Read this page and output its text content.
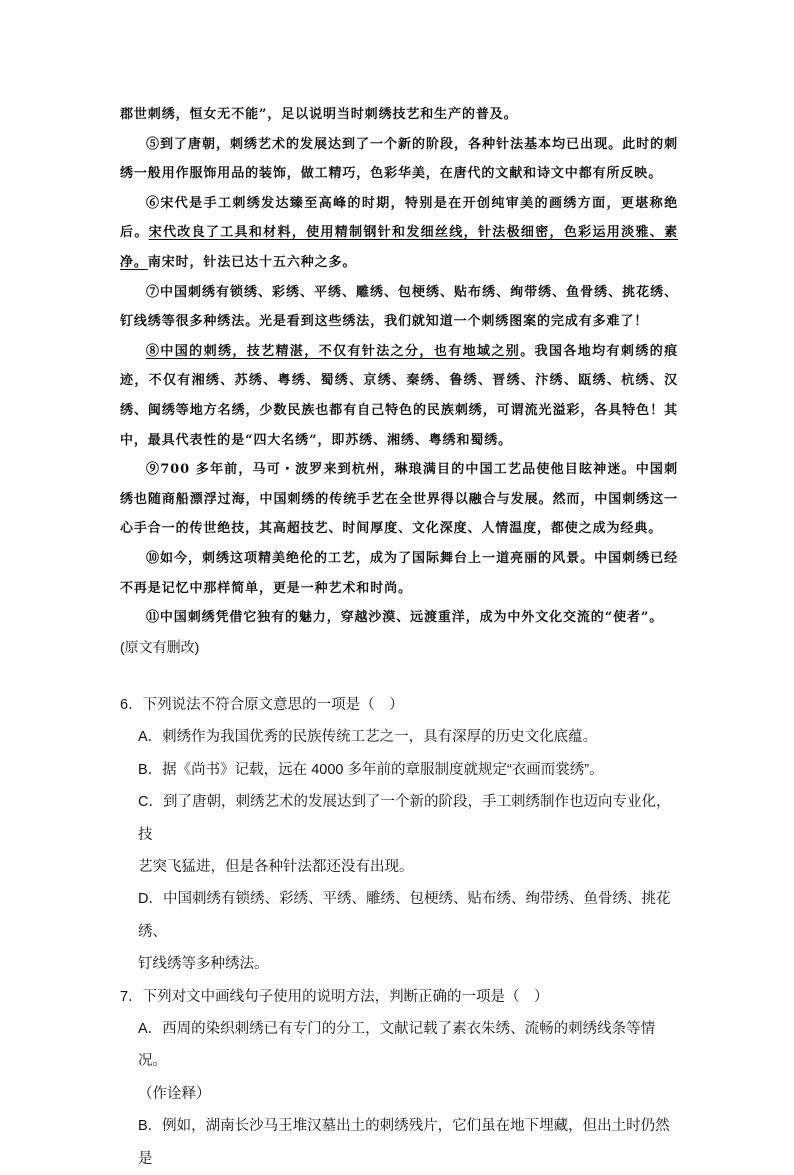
郡世刺绣，恒女无不能”，足以说明当时刺绣技艺和生产的普及。

⑤到了唐朝，刺绣艺术的发展达到了一个新的阶段，各种针法基本均已出现。此时的刺绣一般用作服饰用品的装饰，做工精巧，色彩华美，在唐代的文献和诗文中都有所反映。

⑥宋代是手工刺绣发达臻至高峰的时期，特别是在开创纯审美的画绣方面，更堪称绝后。宋代改良了工具和材料，使用精制钢针和发细丝线，针法极细密，色彩运用淡雅、素净。南宋时，针法已达十五六种之多。

⑦中国刺绣有锁绣、彩绣、平绣、雕绣、包梗绣、贴布绣、绚带绣、鱼骨绣、挑花绣、钉线绣等很多种绣法。光是看到这些绣法，我们就知道一个刺绣图案的完成有多难了！

⑧中国的刺绣，技艺精湛，不仅有针法之分，也有地域之别。我国各地均有刺绣的痕迹，不仅有湘绣、苏绣、粤绣、蜀绣、京绣、秦绣、鲁绣、晋绣、汴绣、瓯绣、杭绣、汉绣、闽绣等地方名绣，少数民族也都有自己特色的民族刺绣，可谓流光溢彩，各具特色！其中，最具代表性的是“四大名绣”，即苏绣、湘绣、粤绣和蜀绣。

⑨700 多年前，马可・波罗来到杭州，琳琅满目的中国工艺品使他目眩神迷。中国刺绣也随商船漂浮过海，中国刺绣的传统手艺在全世界得以融合与发展。然而，中国刺绣这一心手合一的传世绝技，其高超技艺、时间厚度、文化深度、人情温度，都使之成为经典。

⑩如今，刺绣这项精美绝伦的工艺，成为了国际舞台上一道亮丽的风景。中国刺绣已经不再是记忆中那样简单，更是一种艺术和时尚。

⑪中国刺绣凭借它独有的魅力，穿越沙漠、远渡重洋，成为中外文化交流的“使者”。

(原文有删改)

6．下列说法不符合原文意思的一项是（　）

A．刺绣作为我国优秀的民族传统工艺之一，具有深厚的历史文化底蕴。

B．据《尚书》记载，远在 4000 多年前的章服制度就规定“衣画而裳绣”。

C．到了唐朝，刺绣艺术的发展达到了一个新的阶段，手工刺绣制作也迈向专业化，技

艺突飞猛进，但是各种针法都还没有出现。

D．中国刺绣有锁绣、彩绣、平绣、雕绣、包梗绣、贴布绣、绚带绣、鱼骨绣、挑花绣、

钉线绣等多种绣法。

7．下列对文中画线句子使用的说明方法，判断正确的一项是（　）

A．西周的染织刺绣已有专门的分工，文献记载了素衣朱绣、流畅的刺绣线条等情况。

（作诠释）

B．例如，湖南长沙马王堆汉墓出土的刺绣残片，它们虽在地下埋藏，但出土时仍然是
